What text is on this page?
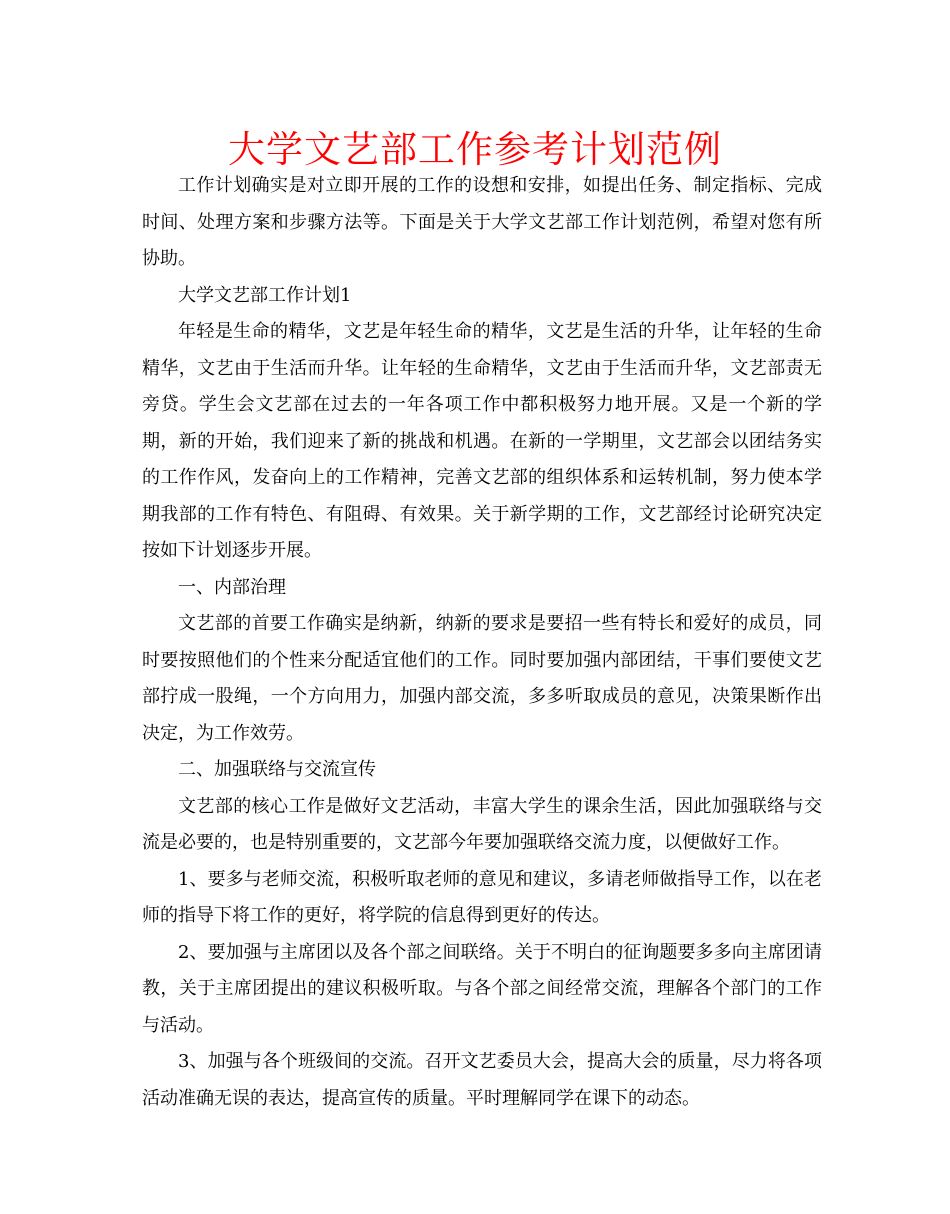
大学文艺部工作参考计划范例

工作计划确实是对立即开展的工作的设想和安排，如提出任务、制定指标、完成时间、处理方案和步骤方法等。下面是关于大学文艺部工作计划范例，希望对您有所协助。

大学文艺部工作计划1

年轻是生命的精华，文艺是年轻生命的精华，文艺是生活的升华，让年轻的生命精华，文艺由于生活而升华。让年轻的生命精华，文艺由于生活而升华，文艺部责无旁贷。学生会文艺部在过去的一年各项工作中都积极努力地开展。又是一个新的学期，新的开始，我们迎来了新的挑战和机遇。在新的一学期里，文艺部会以团结务实的工作作风，发奋向上的工作精神，完善文艺部的组织体系和运转机制，努力使本学期我部的工作有特色、有阻碍、有效果。关于新学期的工作，文艺部经讨论研究决定按如下计划逐步开展。

一、内部治理

文艺部的首要工作确实是纳新，纳新的要求是要招一些有特长和爱好的成员，同时要按照他们的个性来分配适宜他们的工作。同时要加强内部团结，干事们要使文艺部拧成一股绳，一个方向用力，加强内部交流，多多听取成员的意见，决策果断作出决定，为工作效劳。

二、加强联络与交流宣传

文艺部的核心工作是做好文艺活动，丰富大学生的课余生活，因此加强联络与交流是必要的，也是特别重要的，文艺部今年要加强联络交流力度，以便做好工作。

1、要多与老师交流，积极听取老师的意见和建议，多请老师做指导工作，以在老师的指导下将工作的更好，将学院的信息得到更好的传达。

2、要加强与主席团以及各个部之间联络。关于不明白的征询题要多多向主席团请教，关于主席团提出的建议积极听取。与各个部之间经常交流，理解各个部门的工作与活动。

3、加强与各个班级间的交流。召开文艺委员大会，提高大会的质量，尽力将各项活动准确无误的表达，提高宣传的质量。平时理解同学在课下的动态。
